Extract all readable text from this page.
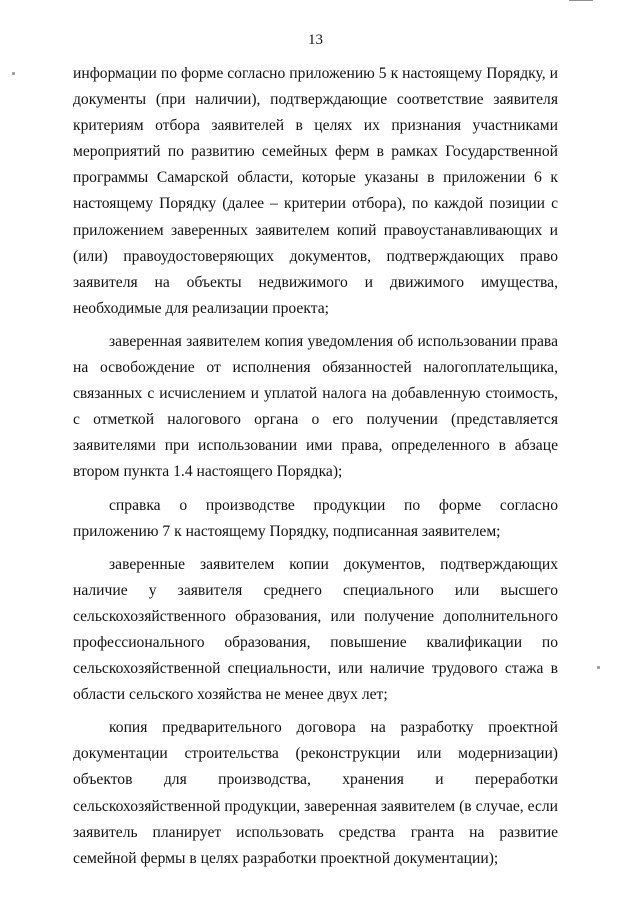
13

информации по форме согласно приложению 5 к настоящему Порядку, и документы (при наличии), подтверждающие соответствие заявителя критериям отбора заявителей в целях их признания участниками мероприятий по развитию семейных ферм в рамках Государственной программы Самарской области, которые указаны в приложении 6 к настоящему Порядку (далее – критерии отбора), по каждой позиции с приложением заверенных заявителем копий правоустанавливающих и (или) правоудостоверяющих документов, подтверждающих право заявителя на объекты недвижимого и движимого имущества, необходимые для реализации проекта;

заверенная заявителем копия уведомления об использовании права на освобождение от исполнения обязанностей налогоплательщика, связанных с исчислением и уплатой налога на добавленную стоимость, с отметкой налогового органа о его получении (представляется заявителями при использовании ими права, определенного в абзаце втором пункта 1.4 настоящего Порядка);

справка о производстве продукции по форме согласно приложению 7 к настоящему Порядку, подписанная заявителем;

заверенные заявителем копии документов, подтверждающих наличие у заявителя среднего специального или высшего сельскохозяйственного образования, или получение дополнительного профессионального образования, повышение квалификации по сельскохозяйственной специальности, или наличие трудового стажа в области сельского хозяйства не менее двух лет;

копия предварительного договора на разработку проектной документации строительства (реконструкции или модернизации) объектов для производства, хранения и переработки сельскохозяйственной продукции, заверенная заявителем (в случае, если заявитель планирует использовать средства гранта на развитие семейной фермы в целях разработки проектной документации);
